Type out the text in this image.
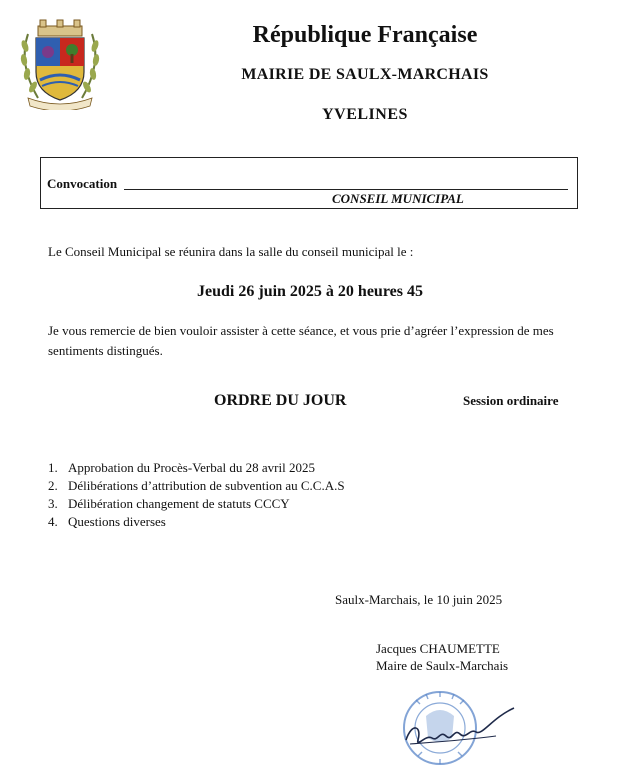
République Française
MAIRIE DE SAULX-MARCHAIS
YVELINES
Convocation
CONSEIL MUNICIPAL
Le Conseil Municipal se réunira dans la salle du conseil municipal le :
Jeudi 26 juin 2025 à 20 heures 45
Je vous remercie de bien vouloir assister à cette séance, et vous prie d’agréer l’expression de mes sentiments distingués.
ORDRE DU JOUR	Session ordinaire
1. Approbation du Procès-Verbal du 28 avril 2025
2. Délibérations d’attribution de subvention au C.C.A.S
3. Délibération changement de statuts CCCY
4. Questions diverses
Saulx-Marchais, le 10 juin 2025
Jacques CHAUMETTE
Maire de Saulx-Marchais
